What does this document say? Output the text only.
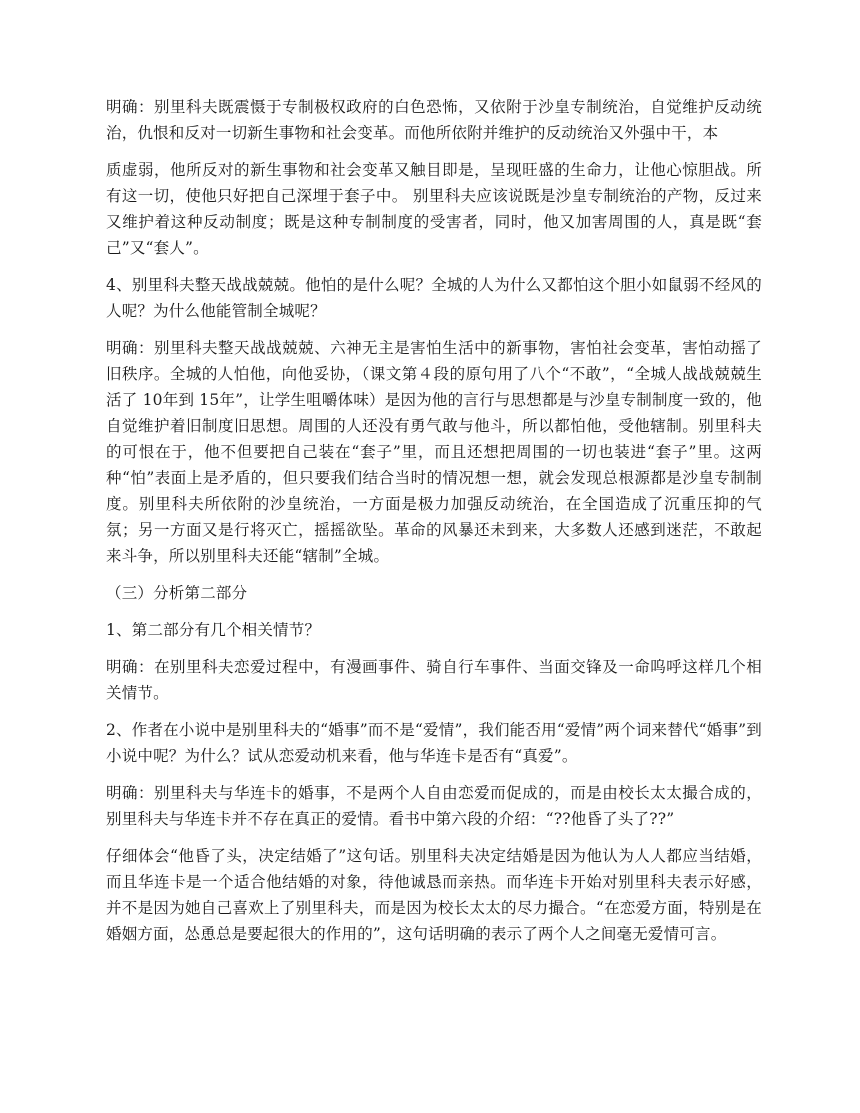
明确：别里科夫既震慑于专制极权政府的白色恐怖，又依附于沙皇专制统治，自觉维护反动统治，仇恨和反对一切新生事物和社会变革。而他所依附并维护的反动统治又外强中干，本

质虚弱，他所反对的新生事物和社会变革又触目即是，呈现旺盛的生命力，让他心惊胆战。所有这一切，使他只好把自己深埋于套子中。 别里科夫应该说既是沙皇专制统治的产物，反过来又维护着这种反动制度；既是这种专制制度的受害者，同时，他又加害周围的人，真是既“套己”又“套人”。

4、别里科夫整天战战兢兢。他怕的是什么呢？全城的人为什么又都怕这个胆小如鼠弱不经风的人呢？为什么他能管制全城呢？

明确：别里科夫整天战战兢兢、六神无主是害怕生活中的新事物，害怕社会变革，害怕动摇了旧秩序。全城的人怕他，向他妥协，（课文第４段的原句用了八个“不敢”，“全城人战战兢兢生活了 10年到 15年”，让学生咀嚼体味）是因为他的言行与思想都是与沙皇专制制度一致的，他自觉维护着旧制度旧思想。周围的人还没有勇气敢与他斗，所以都怕他，受他辖制。别里科夫的可恨在于，他不但要把自己装在“套子”里，而且还想把周围的一切也装进“套子”里。这两种“怕”表面上是矛盾的，但只要我们结合当时的情况想一想，就会发现总根源都是沙皇专制制度。别里科夫所依附的沙皇统治，一方面是极力加强反动统治，在全国造成了沉重压抑的气氛；另一方面又是行将灭亡，摇摇欲坠。革命的风暴还未到来，大多数人还感到迷茫，不敢起来斗争，所以别里科夫还能“辖制”全城。

（三）分析第二部分

1、第二部分有几个相关情节？

明确：在别里科夫恋爱过程中，有漫画事件、骑自行车事件、当面交锋及一命呜呼这样几个相关情节。

2、作者在小说中是别里科夫的“婚事”而不是“爱情”，我们能否用“爱情”两个词来替代“婚事”到小说中呢？为什么？试从恋爱动机来看，他与华连卡是否有“真爱”。

明确：别里科夫与华连卡的婚事，不是两个人自由恋爱而促成的，而是由校长太太撮合成的，别里科夫与华连卡并不存在真正的爱情。看书中第六段的介绍：“??他昏了头了??”

仔细体会“他昏了头，决定结婚了”这句话。别里科夫决定结婚是因为他认为人人都应当结婚，而且华连卡是一个适合他结婚的对象，待他诚恳而亲热。而华连卡开始对别里科夫表示好感，并不是因为她自己喜欢上了别里科夫，而是因为校长太太的尽力撮合。“在恋爱方面，特别是在婚姻方面，怂恿总是要起很大的作用的”，这句话明确的表示了两个人之间毫无爱情可言。
